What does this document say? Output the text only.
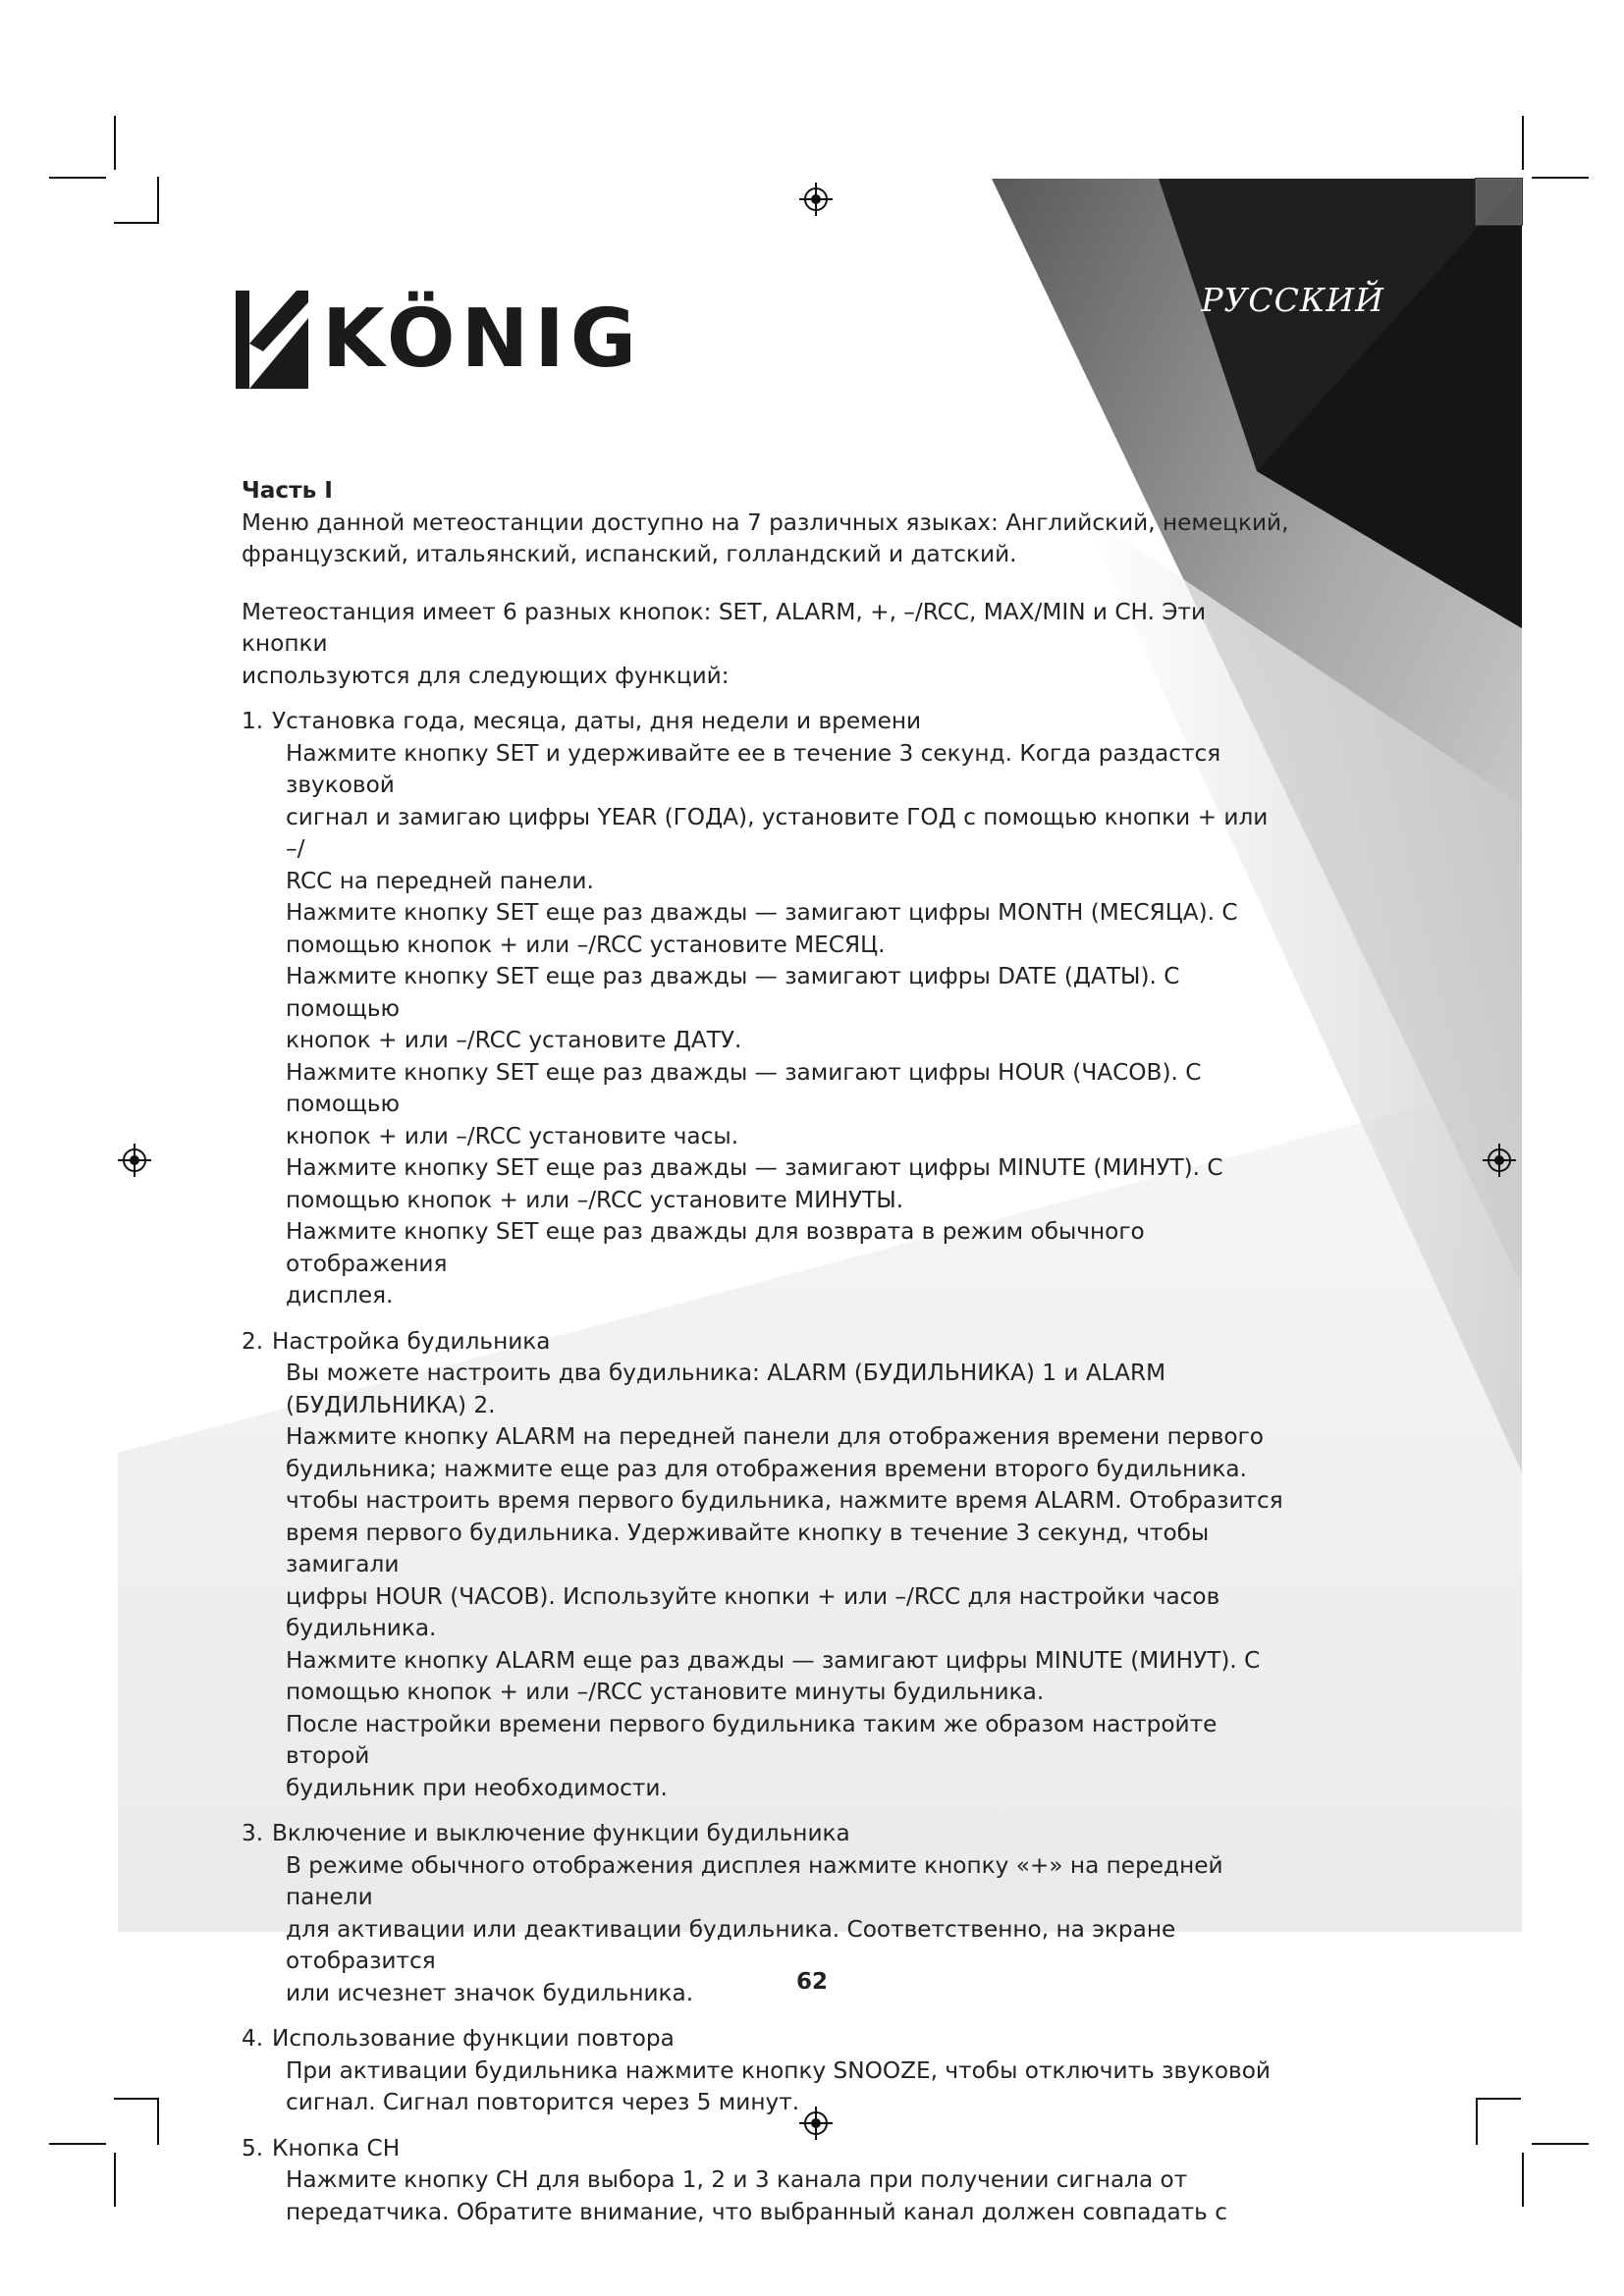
РУССКИЙ
KÖNIG

Часть I

Меню данной метеостанции доступно на 7 различных языках: Английский, немецкий,

французский, итальянский, испанский, голландский и датский.

Метеостанция имеет 6 разных кнопок: SET, ALARM, +, –/RCC, MAX/MIN и CH. Эти кнопки

используются для следующих функций:

1. Установка года, месяца, даты, дня недели и времени

Нажмите кнопку SET и удерживайте ее в течение 3 секунд. Когда раздастся звуковой

сигнал и замигаю цифры YEAR (ГОДА), установите ГОД с помощью кнопки + или –/

RCC на передней панели.

Нажмите кнопку SET еще раз дважды — замигают цифры MONTH (МЕСЯЦА). С

помощью кнопок + или –/RCC установите МЕСЯЦ.

Нажмите кнопку SET еще раз дважды — замигают цифры DATE (ДАТЫ). С помощью

кнопок + или –/RCC установите ДАТУ.

Нажмите кнопку SET еще раз дважды — замигают цифры HOUR (ЧАСОВ). С помощью

кнопок + или –/RCC установите часы.

Нажмите кнопку SET еще раз дважды — замигают цифры MINUTE (МИНУТ). С

помощью кнопок + или –/RCC установите МИНУТЫ.

Нажмите кнопку SET еще раз дважды для возврата в режим обычного отображения

дисплея.

2. Настройка будильника

Вы можете настроить два будильника: ALARM (БУДИЛЬНИКА) 1 и ALARM

(БУДИЛЬНИКА) 2.

Нажмите кнопку ALARM на передней панели для отображения времени первого

будильника; нажмите еще раз для отображения времени второго будильника.

чтобы настроить время первого будильника, нажмите время ALARM. Отобразится

время первого будильника. Удерживайте кнопку в течение 3 секунд, чтобы замигали

цифры HOUR (ЧАСОВ). Используйте кнопки + или –/RCC для настройки часов

будильника.

Нажмите кнопку ALARM еще раз дважды — замигают цифры MINUTE (МИНУТ). С

помощью кнопок + или –/RCC установите минуты будильника.

После настройки времени первого будильника таким же образом настройте второй

будильник при необходимости.

3. Включение и выключение функции будильника

В режиме обычного отображения дисплея нажмите кнопку «+» на передней панели

для активации или деактивации будильника. Соответственно, на экране отобразится

или исчезнет значок будильника.

4. Использование функции повтора

При активации будильника нажмите кнопку SNOOZE, чтобы отключить звуковой

сигнал. Сигнал повторится через 5 минут.

5. Кнопка CH

Нажмите кнопку CH для выбора 1, 2 и 3 канала при получении сигнала от

передатчика. Обратите внимание, что выбранный канал должен совпадать с

62
